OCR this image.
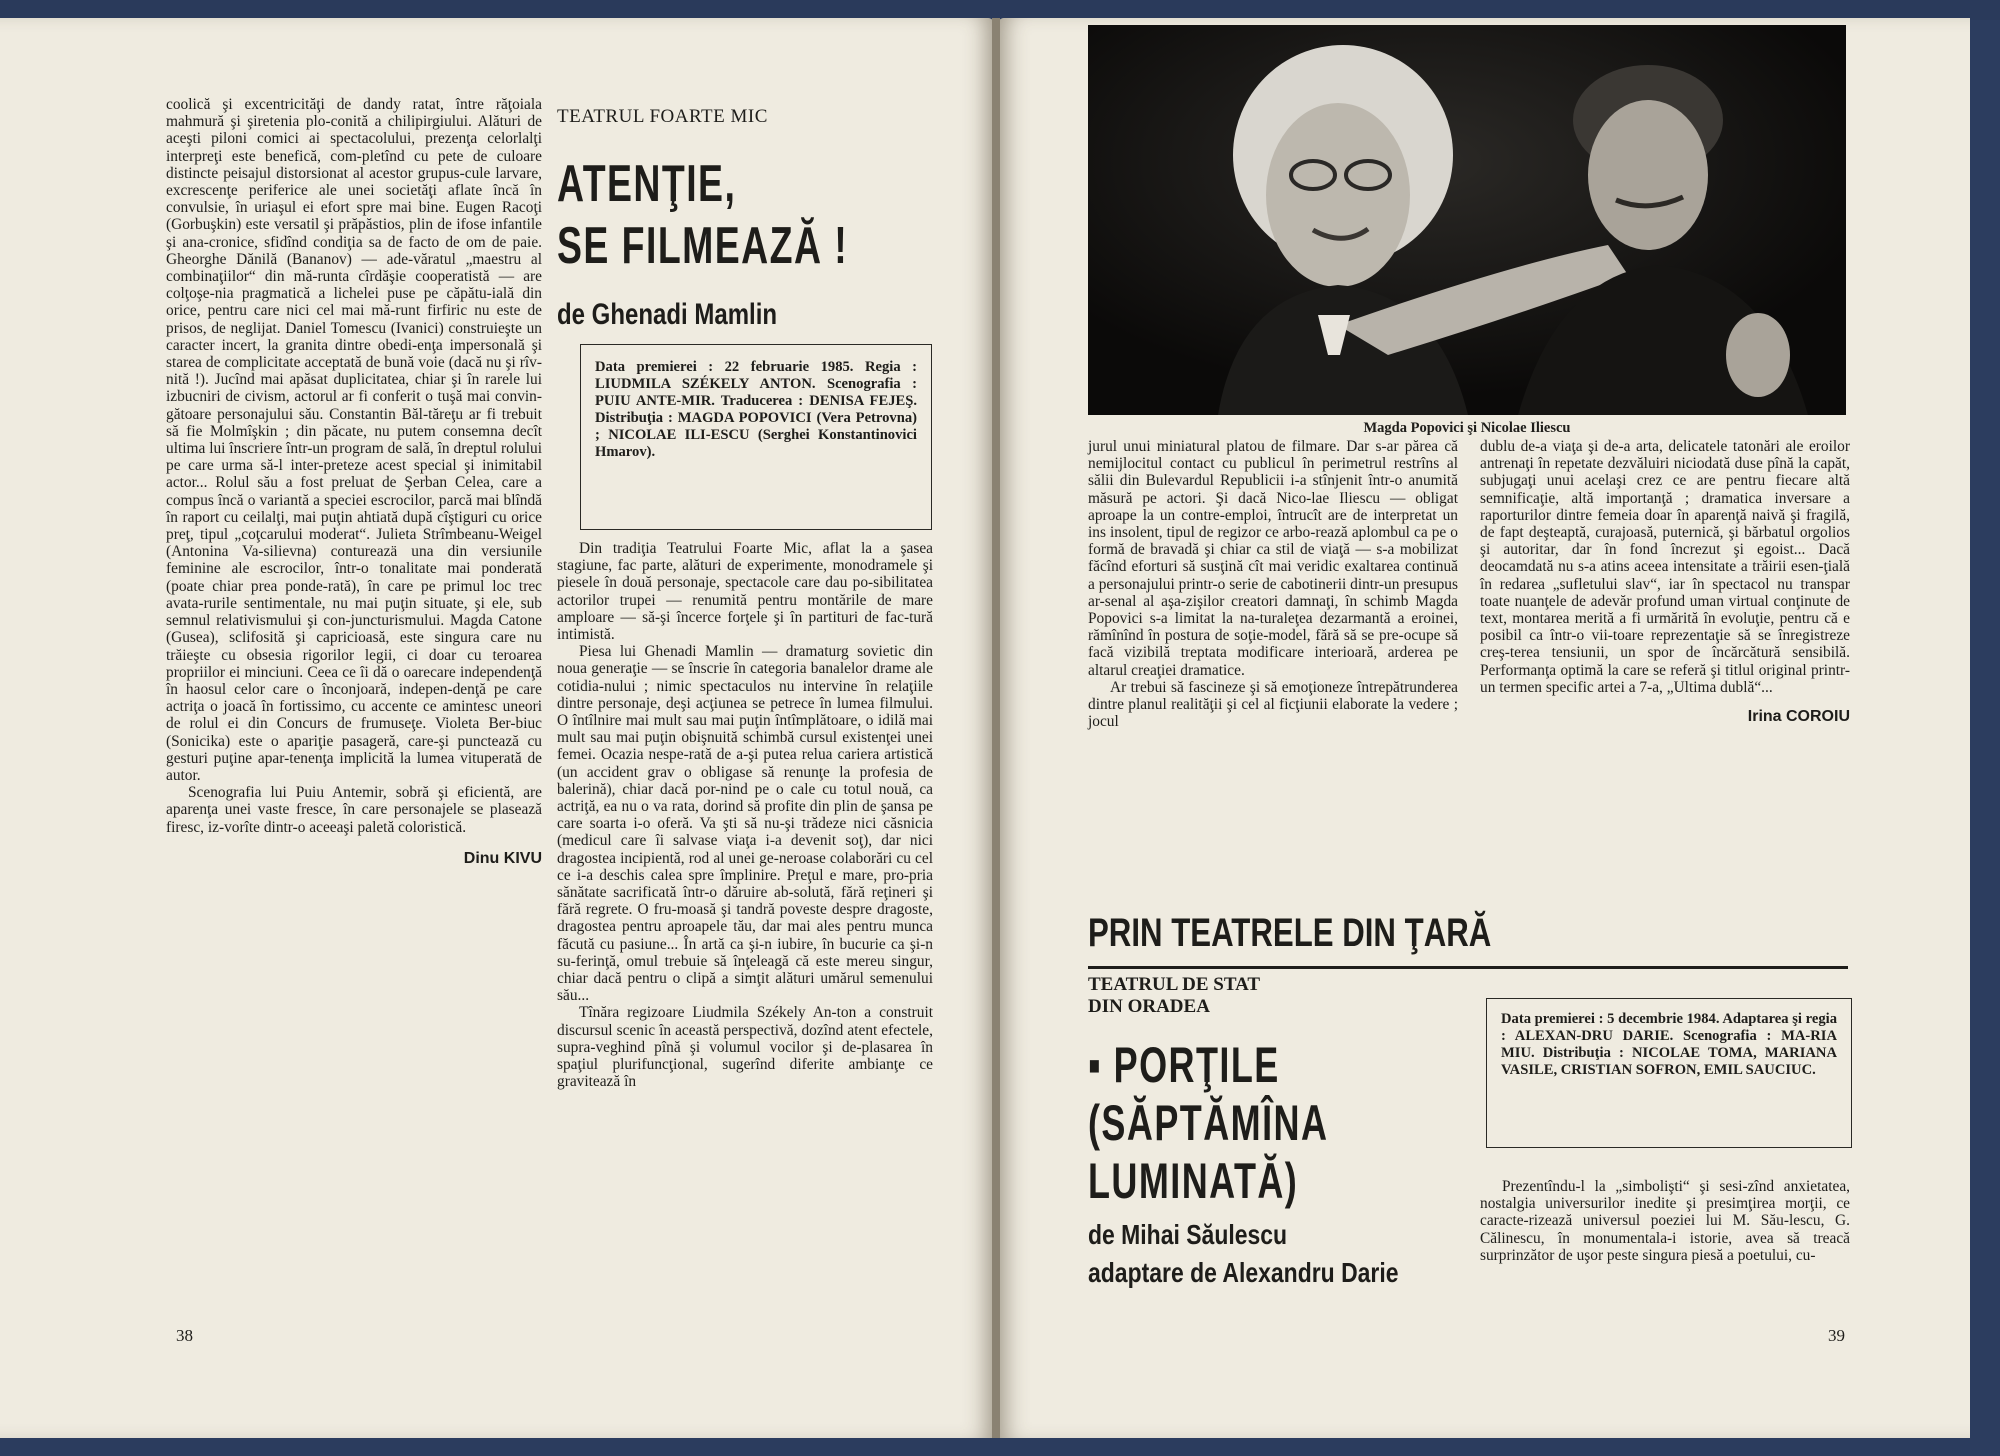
coolică şi excentricităţi de dandy ratat, între răţoiala mahmură şi şiretenia plo-conită a chilipirgiului. Alături de aceşti piloni comici ai spectacolului, prezenţa celorlalţi interpreţi este benefică, com-pletînd cu pete de culoare distincte peisajul distorsionat al acestor grupus-cule larvare, excrescenţe periferice ale unei societăţi aflate încă în convulsie, în uriaşul ei efort spre mai bine. Eugen Racoţi (Gorbuşkin) este versatil şi prăpăstios, plin de ifose infantile şi ana-cronice, sfidînd condiţia sa de facto de om de paie. Gheorghe Dănilă (Bananov) — ade-văratul „maestru al combinaţiilor“ din mă-runta cîrdăşie cooperatistă — are colţoşe-nia pragmatică a lichelei puse pe căpătu-ială din orice, pentru care nici cel mai mă-runt firfiric nu este de prisos, de neglijat. Daniel Tomescu (Ivanici) construieşte un caracter incert, la granita dintre obedi-enţa impersonală şi starea de complicitate acceptată de bună voie (dacă nu şi rîv-nită !). Jucînd mai apăsat duplicitatea, chiar şi în rarele lui izbucniri de civism, actorul ar fi conferit o tuşă mai convin-gătoare personajului său. Constantin Băl-tăreţu ar fi trebuit să fie Molmîşkin ; din păcate, nu putem consemna decît ultima lui înscriere într-un program de sală, în dreptul rolului pe care urma să-l inter-preteze acest special şi inimitabil actor... Rolul său a fost preluat de Şerban Celea, care a compus încă o variantă a speciei escrocilor, parcă mai blîndă în raport cu ceilalţi, mai puţin ahtiată după cîştiguri cu orice preţ, tipul „coţcarului moderat“. Julieta Strîmbeanu-Weigel (Antonina Va-silievna) contureazä una din versiunile feminine ale escrocilor, într-o tonalitate mai ponderată (poate chiar prea ponde-rată), în care pe primul loc trec avata-rurile sentimentale, nu mai puţin situate, şi ele, sub semnul relativismului şi con-juncturismului. Magda Catone (Gusea), sclifosită şi capricioasă, este singura care nu trăieşte cu obsesia rigorilor legii, ci doar cu teroarea propriilor ei minciuni. Ceea ce îi dă o oarecare independenţă în haosul celor care o înconjoară, indepen-denţă pe care actriţa o joacă în fortissimo, cu accente ce amintesc uneori de rolul ei din Concurs de frumuseţe. Violeta Ber-biuc (Sonicika) este o apariţie pasageră, care-şi punctează cu gesturi puţine apar-tenenţa implicită la lumea vituperată de autor.

Scenografia lui Puiu Antemir, sobră şi eficientă, are aparenţa unei vaste fresce, în care personajele se plasează firesc, iz-vorîte dintr-o aceeaşi paletă coloristică.

Dinu KIVU
TEATRUL FOARTE MIC
ATENŢIE,
SE FILMEAZĂ !
de Ghenadi Mamlin
Data premierei : 22 februarie 1985. Regia : LIUDMILA SZÉKELY ANTON. Scenografia : PUIU ANTE-MIR. Traducerea : DENISA FEJEŞ. Distribuţia : MAGDA POPOVICI (Vera Petrovna) ; NICOLAE ILI-ESCU (Serghei Konstantinovici Hmarov).

Din tradiţia Teatrului Foarte Mic, aflat la a şasea stagiune, fac parte, alături de experimente, monodramele şi piesele în două personaje, spectacole care dau po-sibilitatea actorilor trupei — renumită pentru montările de mare amploare — să-şi încerce forţele şi în partituri de fac-tură intimistă.

Piesa lui Ghenadi Mamlin — dramaturg sovietic din noua generaţie — se înscrie în categoria banalelor drame ale cotidia-nului ; nimic spectaculos nu intervine în relaţiile dintre personaje, deşi acţiunea se petrece în lumea filmului. O întîlnire mai mult sau mai puţin întîmplătoare, o idilă mai mult sau mai puţin obişnuită schimbă cursul existenţei unei femei. Ocazia nespe-rată de a-şi putea relua cariera artistică (un accident grav o obligase să renunţe la profesia de balerină), chiar dacă por-nind pe o cale cu totul nouă, ca actriţă, ea nu o va rata, dorind să profite din plin de şansa pe care soarta i-o oferă. Va şti să nu-şi trădeze nici căsnicia (medicul care îi salvase viaţa i-a devenit soţ), dar nici dragostea incipientă, rod al unei ge-neroase colaborări cu cel ce i-a deschis calea spre împlinire. Preţul e mare, pro-pria sănătate sacrificată într-o dăruire ab-solută, fără reţineri şi fără regrete. O fru-moasă şi tandră poveste despre dragoste, dragostea pentru aproapele tău, dar mai ales pentru munca făcută cu pasiune... În artă ca şi-n iubire, în bucurie ca şi-n su-ferinţă, omul trebuie să înţeleagă că este mereu singur, chiar dacă pentru o clipă a simţit alături umărul semenului său...

Tînăra regizoare Liudmila Székely An-ton a construit discursul scenic în această perspectivă, dozînd atent efectele, supra-veghind pînă şi volumul vocilor şi de-plasarea în spaţiul plurifuncţional, sugerînd diferite ambianţe ce gravitează în

38
Magda Popovici şi Nicolae Iliescu

jurul unui miniatural platou de filmare. Dar s-ar părea că nemijlocitul contact cu publicul în perimetrul restrîns al sălii din Bulevardul Republicii i-a stînjenit într-o anumită măsură pe actori. Şi dacă Nico-lae Iliescu — obligat aproape la un contre-emploi, întrucît are de interpretat un ins insolent, tipul de regizor ce arbo-rează aplombul ca pe o formă de bravadă şi chiar ca stil de viaţă — s-a mobilizat făcînd eforturi să susţină cît mai veridic exaltarea continuă a personajului printr-o serie de cabotinerii dintr-un presupus ar-senal al aşa-zişilor creatori damnaţi, în schimb Magda Popovici s-a limitat la na-turaleţea dezarmantă a eroinei, rămînînd în postura de soţie-model, fără să se pre-ocupe să facă vizibilă treptata modificare interioară, arderea pe altarul creaţiei dramatice.

Ar trebui să fascineze şi să emoţioneze întrepătrunderea dintre planul realităţii şi cel al ficţiunii elaborate la vedere ; jocul

dublu de-a viaţa şi de-a arta, delicatele tatonări ale eroilor antrenaţi în repetate dezvăluiri niciodată duse pînă la capăt, subjugaţi unui acelaşi crez ce are pentru fiecare altă semnificaţie, altă importanţă ; dramatica inversare a raporturilor dintre femeia doar în aparenţă naivă şi fragilă, de fapt deşteaptă, curajoasă, puternică, şi bărbatul orgolios şi autoritar, dar în fond încrezut şi egoist... Dacă deocamdată nu s-a atins aceea intensitate a trăirii esen-ţială în redarea „sufletului slav“, iar în spectacol nu transpar toate nuanţele de adevăr profund uman virtual conţinute de text, montarea merită a fi urmărită în evoluţie, pentru că e posibil ca într-o vii-toare reprezentaţie să se înregistreze creş-terea tensiunii, un spor de încărcătură sensibilă. Performanţa optimă la care se referă şi titlul original printr-un termen specific artei a 7-a, „Ultima dublă“...

Irina COROIU
PRIN TEATRELE DIN ŢARĂ
TEATRUL DE STAT
DIN ORADEA
▪ PORŢILE
(SĂPTĂMÎNA
LUMINATĂ)
de Mihai Săulescu
adaptare de Alexandru Darie
Data premierei : 5 decembrie 1984. Adaptarea şi regia : ALEXAN-DRU DARIE. Scenografia : MA-RIA MIU. Distribuţia : NICOLAE TOMA, MARIANA VASILE, CRISTIAN SOFRON, EMIL SAUCIUC.

Prezentîndu-l la „simbolişti“ şi sesi-zînd anxietatea, nostalgia universurilor inedite şi presimţirea morţii, ce caracte-rizează universul poeziei lui M. Său-lescu, G. Călinescu, în monumentala-i istorie, avea să treacă surprinzător de uşor peste singura piesă a poetului, cu-

39
